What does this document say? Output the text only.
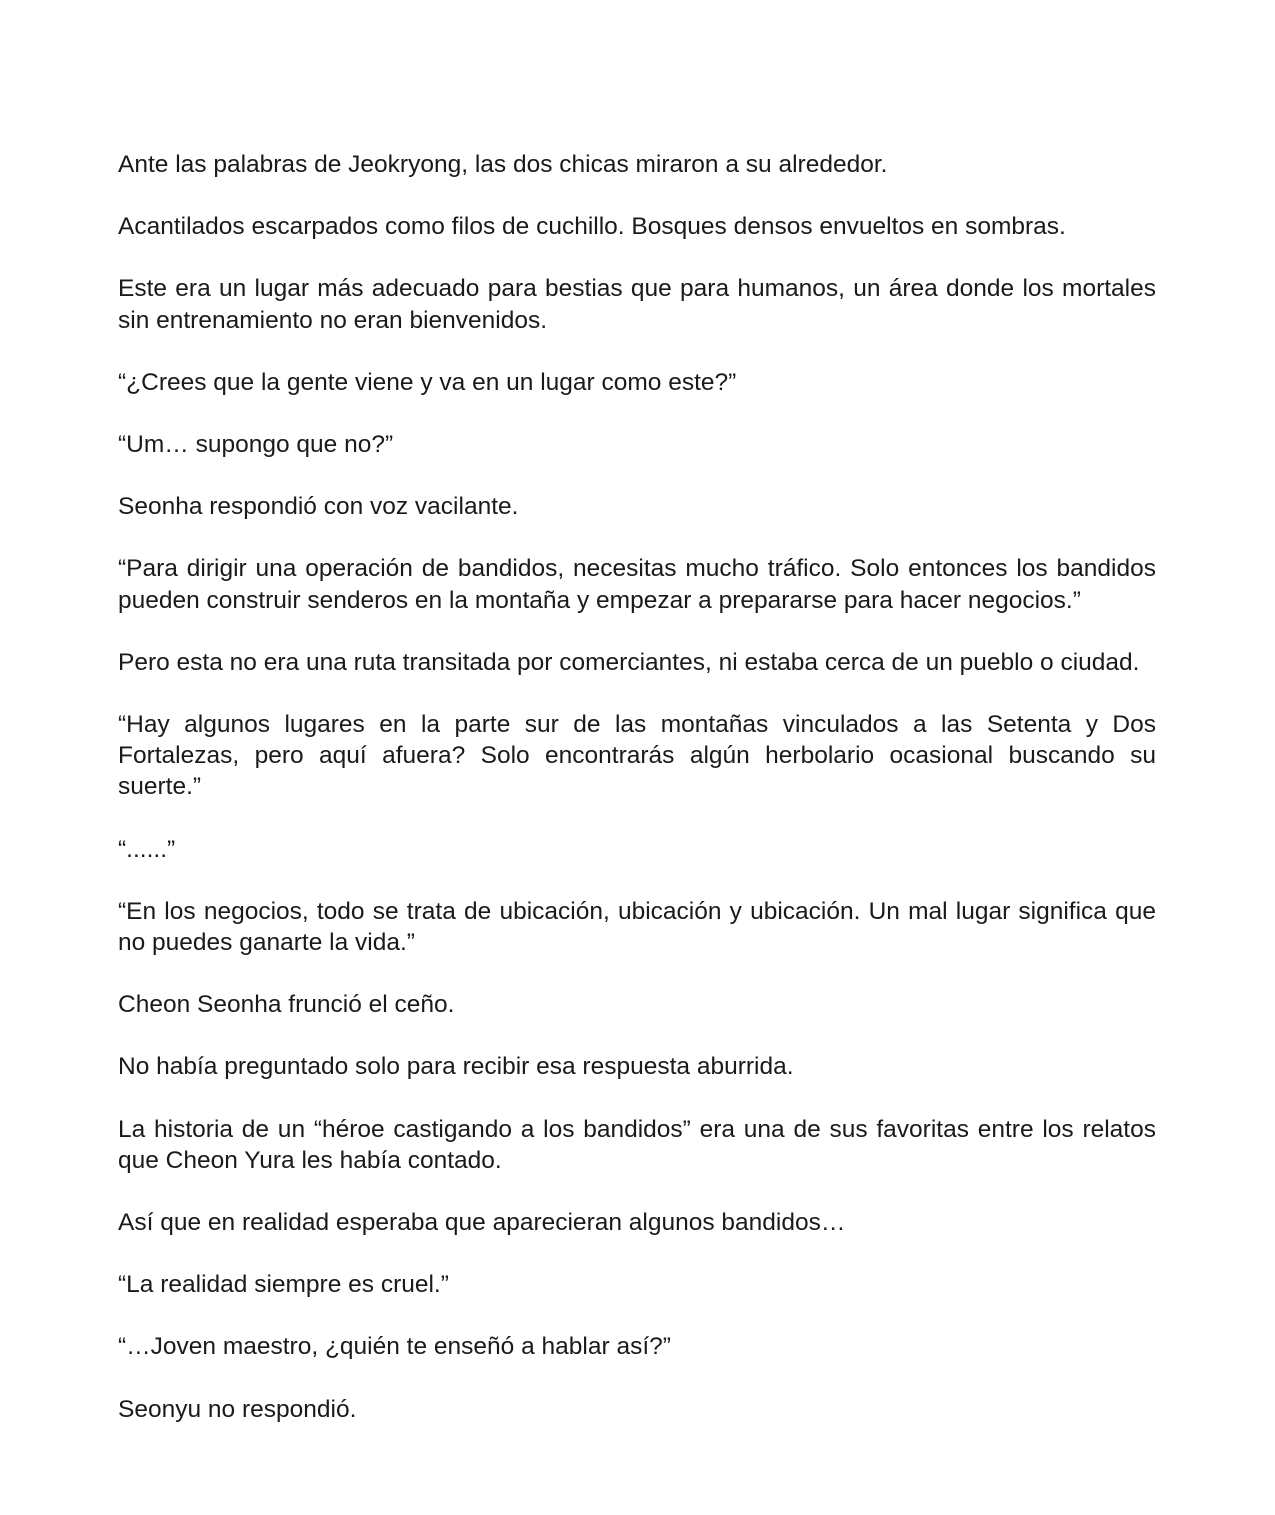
Ante las palabras de Jeokryong, las dos chicas miraron a su alrededor.

Acantilados escarpados como filos de cuchillo. Bosques densos envueltos en sombras.

Este era un lugar más adecuado para bestias que para humanos, un área donde los mortales sin entrenamiento no eran bienvenidos.

“¿Crees que la gente viene y va en un lugar como este?”

“Um… supongo que no?”

Seonha respondió con voz vacilante.

“Para dirigir una operación de bandidos, necesitas mucho tráfico. Solo entonces los bandidos pueden construir senderos en la montaña y empezar a prepararse para hacer negocios.”

Pero esta no era una ruta transitada por comerciantes, ni estaba cerca de un pueblo o ciudad.

“Hay algunos lugares en la parte sur de las montañas vinculados a las Setenta y Dos Fortalezas, pero aquí afuera? Solo encontrarás algún herbolario ocasional buscando su suerte.”

“......”

“En los negocios, todo se trata de ubicación, ubicación y ubicación. Un mal lugar significa que no puedes ganarte la vida.”

Cheon Seonha frunció el ceño.

No había preguntado solo para recibir esa respuesta aburrida.

La historia de un “héroe castigando a los bandidos” era una de sus favoritas entre los relatos que Cheon Yura les había contado.

Así que en realidad esperaba que aparecieran algunos bandidos…

“La realidad siempre es cruel.”

“…Joven maestro, ¿quién te enseñó a hablar así?”

Seonyu no respondió.
